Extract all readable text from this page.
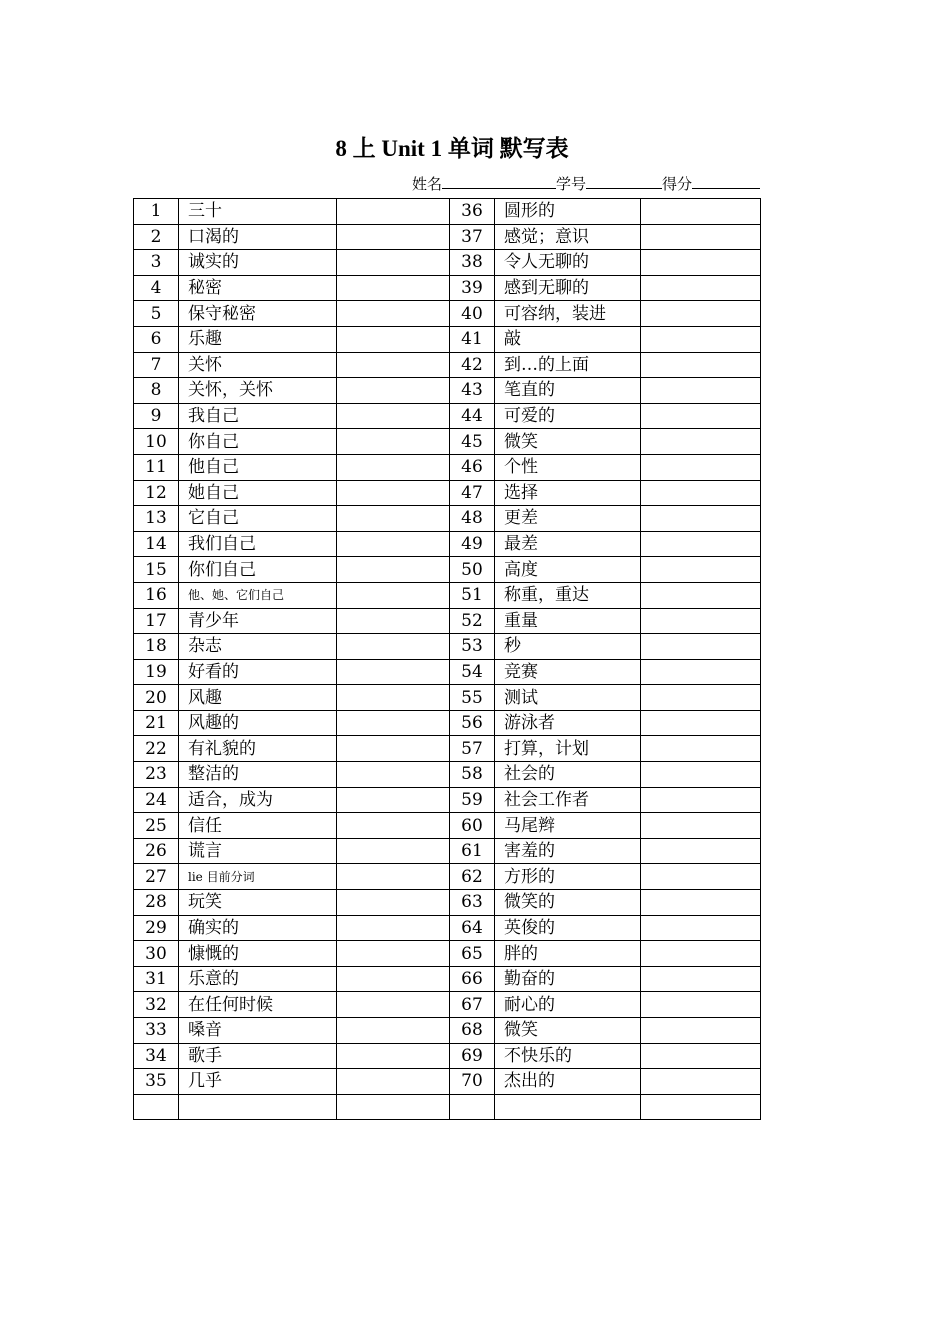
8 上 Unit 1 单词 默写表
姓名	学号	得分
1	三十		36	圆形的	
2	口渴的		37	感觉；意识	
3	诚实的		38	令人无聊的	
4	秘密		39	感到无聊的	
5	保守秘密		40	可容纳，装进	
6	乐趣		41	敲	
7	关怀		42	到…的上面	
8	关怀，关怀		43	笔直的	
9	我自己		44	可爱的	
10	你自己		45	微笑	
11	他自己		46	个性	
12	她自己		47	选择	
13	它自己		48	更差	
14	我们自己		49	最差	
15	你们自己		50	高度	
16	他、她、它们自己		51	称重，重达	
17	青少年		52	重量	
18	杂志		53	秒	
19	好看的		54	竞赛	
20	风趣		55	测试	
21	风趣的		56	游泳者	
22	有礼貌的		57	打算，计划	
23	整洁的		58	社会的	
24	适合，成为		59	社会工作者	
25	信任		60	马尾辫	
26	谎言		61	害羞的	
27	lie 目前分词		62	方形的	
28	玩笑		63	微笑的	
29	确实的		64	英俊的	
30	慷慨的		65	胖的	
31	乐意的		66	勤奋的	
32	在任何时候		67	耐心的	
33	嗓音		68	微笑	
34	歌手		69	不快乐的	
35	几乎		70	杰出的	
